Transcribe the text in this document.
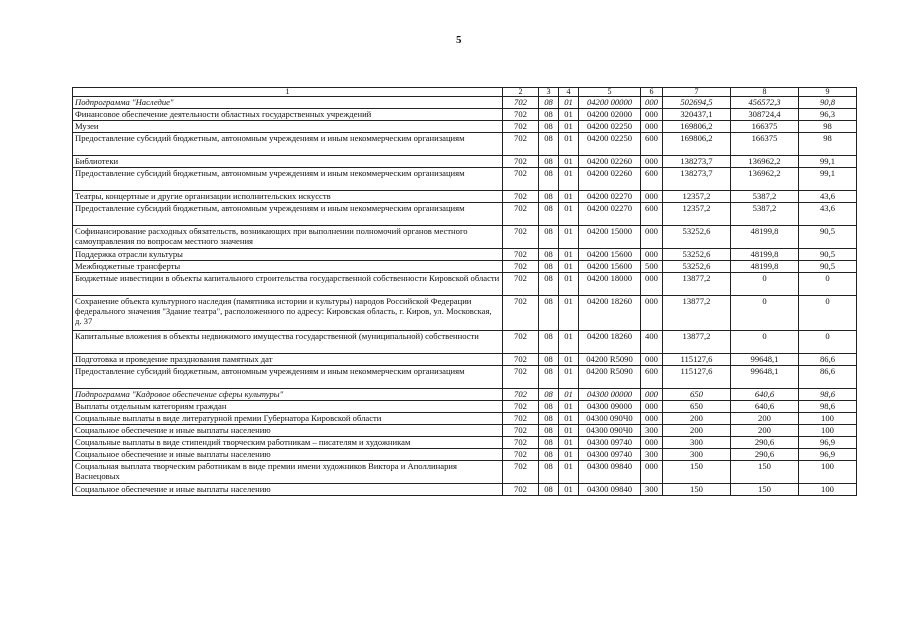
5
1	2	3	4	5	6	7	8	9
Подпрограмма "Наследие"	702	08	01	04200 00000	000	502694,5	456572,3	90,8
Финансовое обеспечение деятельности областных государственных учреждений	702	08	01	04200 02000	000	320437,1	308724,4	96,3
Музеи	702	08	01	04200 02250	000	169806,2	166375	98
Предоставление субсидий бюджетным, автономным учреждениям и иным некоммерческим организациям	702	08	01	04200 02250	600	169806,2	166375	98
Библиотеки	702	08	01	04200 02260	000	138273,7	136962,2	99,1
Предоставление субсидий бюджетным, автономным учреждениям и иным некоммерческим организациям	702	08	01	04200 02260	600	138273,7	136962,2	99,1
Театры, концертные и другие организации исполнительских искусств	702	08	01	04200 02270	000	12357,2	5387,2	43,6
Предоставление субсидий бюджетным, автономным учреждениям и иным некоммерческим организациям	702	08	01	04200 02270	600	12357,2	5387,2	43,6
Софинансирование расходных обязательств, возникающих при выполнении полномочий органов местного самоуправления по вопросам местного значения	702	08	01	04200 15000	000	53252,6	48199,8	90,5
Поддержка отрасли культуры	702	08	01	04200 15600	000	53252,6	48199,8	90,5
Межбюджетные трансферты	702	08	01	04200 15600	500	53252,6	48199,8	90,5
Бюджетные инвестиции в объекты капитального строительства государственной собственности Кировской области	702	08	01	04200 18000	000	13877,2	0	0
Сохранение объекта культурного наследия (памятника истории и культуры) народов Российской Федерации федерального значения "Здание театра", расположенного по адресу: Кировская область, г. Киров, ул. Московская, д. 37	702	08	01	04200 18260	000	13877,2	0	0
Капитальные вложения в объекты недвижимого имущества государственной (муниципальной) собственности	702	08	01	04200 18260	400	13877,2	0	0
Подготовка и проведение празднования памятных дат	702	08	01	04200 R5090	000	115127,6	99648,1	86,6
Предоставление субсидий бюджетным, автономным учреждениям и иным некоммерческим организациям	702	08	01	04200 R5090	600	115127,6	99648,1	86,6
Подпрограмма "Кадровое обеспечение сферы культуры"	702	08	01	04300 00000	000	650	640,6	98,6
Выплаты отдельным категориям граждан	702	08	01	04300 09000	000	650	640,6	98,6
Социальные выплаты в виде литературной премии Губернатора Кировской области	702	08	01	04300 090Ч0	000	200	200	100
Социальное обеспечение и иные выплаты населению	702	08	01	04300 090Ч0	300	200	200	100
Социальные выплаты в виде стипендий творческим работникам – писателям и художникам	702	08	01	04300 09740	000	300	290,6	96,9
Социальное обеспечение и иные выплаты населению	702	08	01	04300 09740	300	300	290,6	96,9
Социальная выплата творческим работникам в виде премии имени художников Виктора и Аполлинария Васнецовых	702	08	01	04300 09840	000	150	150	100
Социальное обеспечение и иные выплаты населению	702	08	01	04300 09840	300	150	150	100
